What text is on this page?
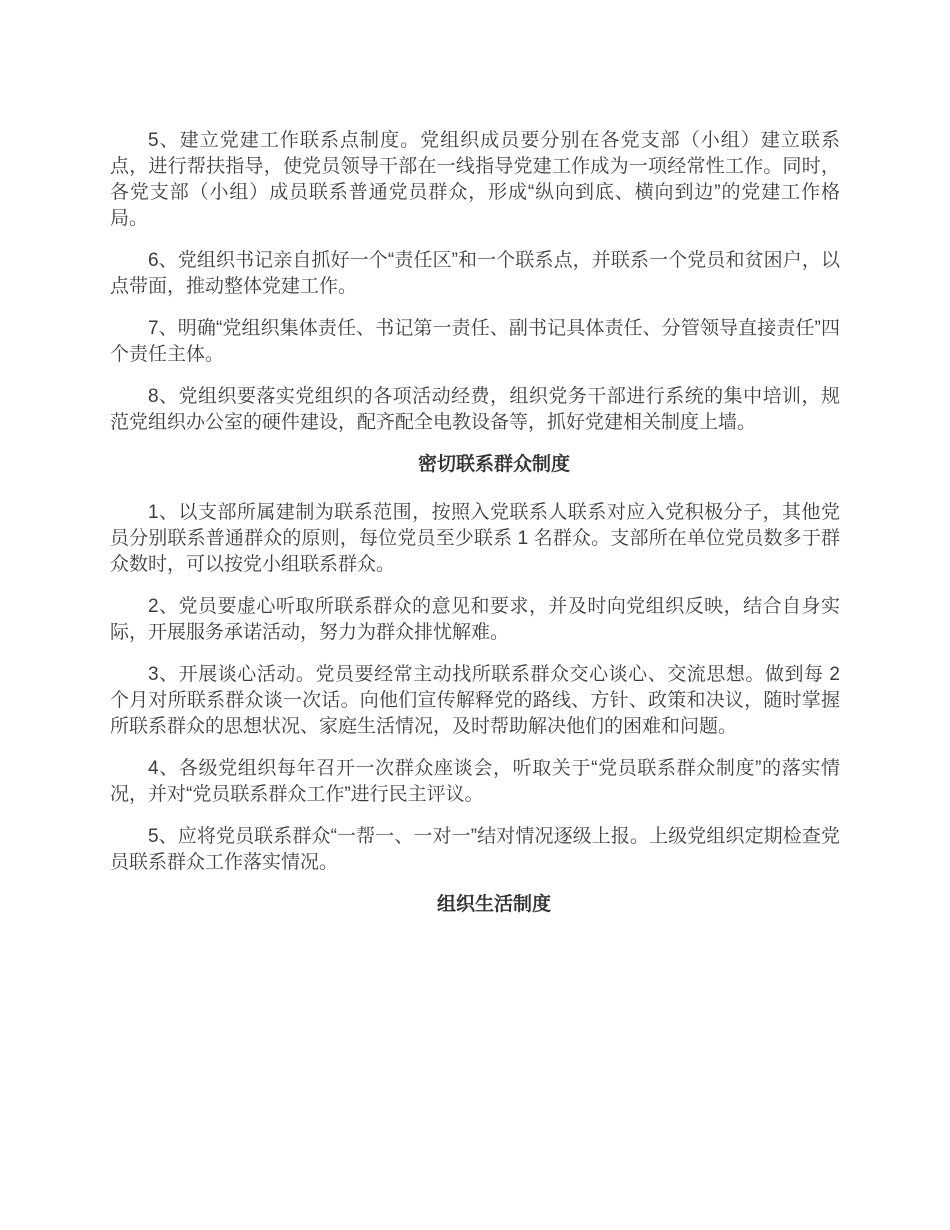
5、建立党建工作联系点制度。党组织成员要分别在各党支部（小组）建立联系点，进行帮扶指导，使党员领导干部在一线指导党建工作成为一项经常性工作。同时，各党支部（小组）成员联系普通党员群众，形成“纵向到底、横向到边”的党建工作格局。

6、党组织书记亲自抓好一个“责任区”和一个联系点，并联系一个党员和贫困户，以点带面，推动整体党建工作。

7、明确“党组织集体责任、书记第一责任、副书记具体责任、分管领导直接责任”四个责任主体。

8、党组织要落实党组织的各项活动经费，组织党务干部进行系统的集中培训，规范党组织办公室的硬件建设，配齐配全电教设备等，抓好党建相关制度上墙。

密切联系群众制度

1、以支部所属建制为联系范围，按照入党联系人联系对应入党积极分子，其他党员分别联系普通群众的原则，每位党员至少联系 1 名群众。支部所在单位党员数多于群众数时，可以按党小组联系群众。

2、党员要虚心听取所联系群众的意见和要求，并及时向党组织反映，结合自身实际，开展服务承诺活动，努力为群众排忧解难。

3、开展谈心活动。党员要经常主动找所联系群众交心谈心、交流思想。做到每 2 个月对所联系群众谈一次话。向他们宣传解释党的路线、方针、政策和决议，随时掌握所联系群众的思想状况、家庭生活情况，及时帮助解决他们的困难和问题。

4、各级党组织每年召开一次群众座谈会，听取关于“党员联系群众制度”的落实情况，并对“党员联系群众工作”进行民主评议。

5、应将党员联系群众“一帮一、一对一”结对情况逐级上报。上级党组织定期检查党员联系群众工作落实情况。

组织生活制度
